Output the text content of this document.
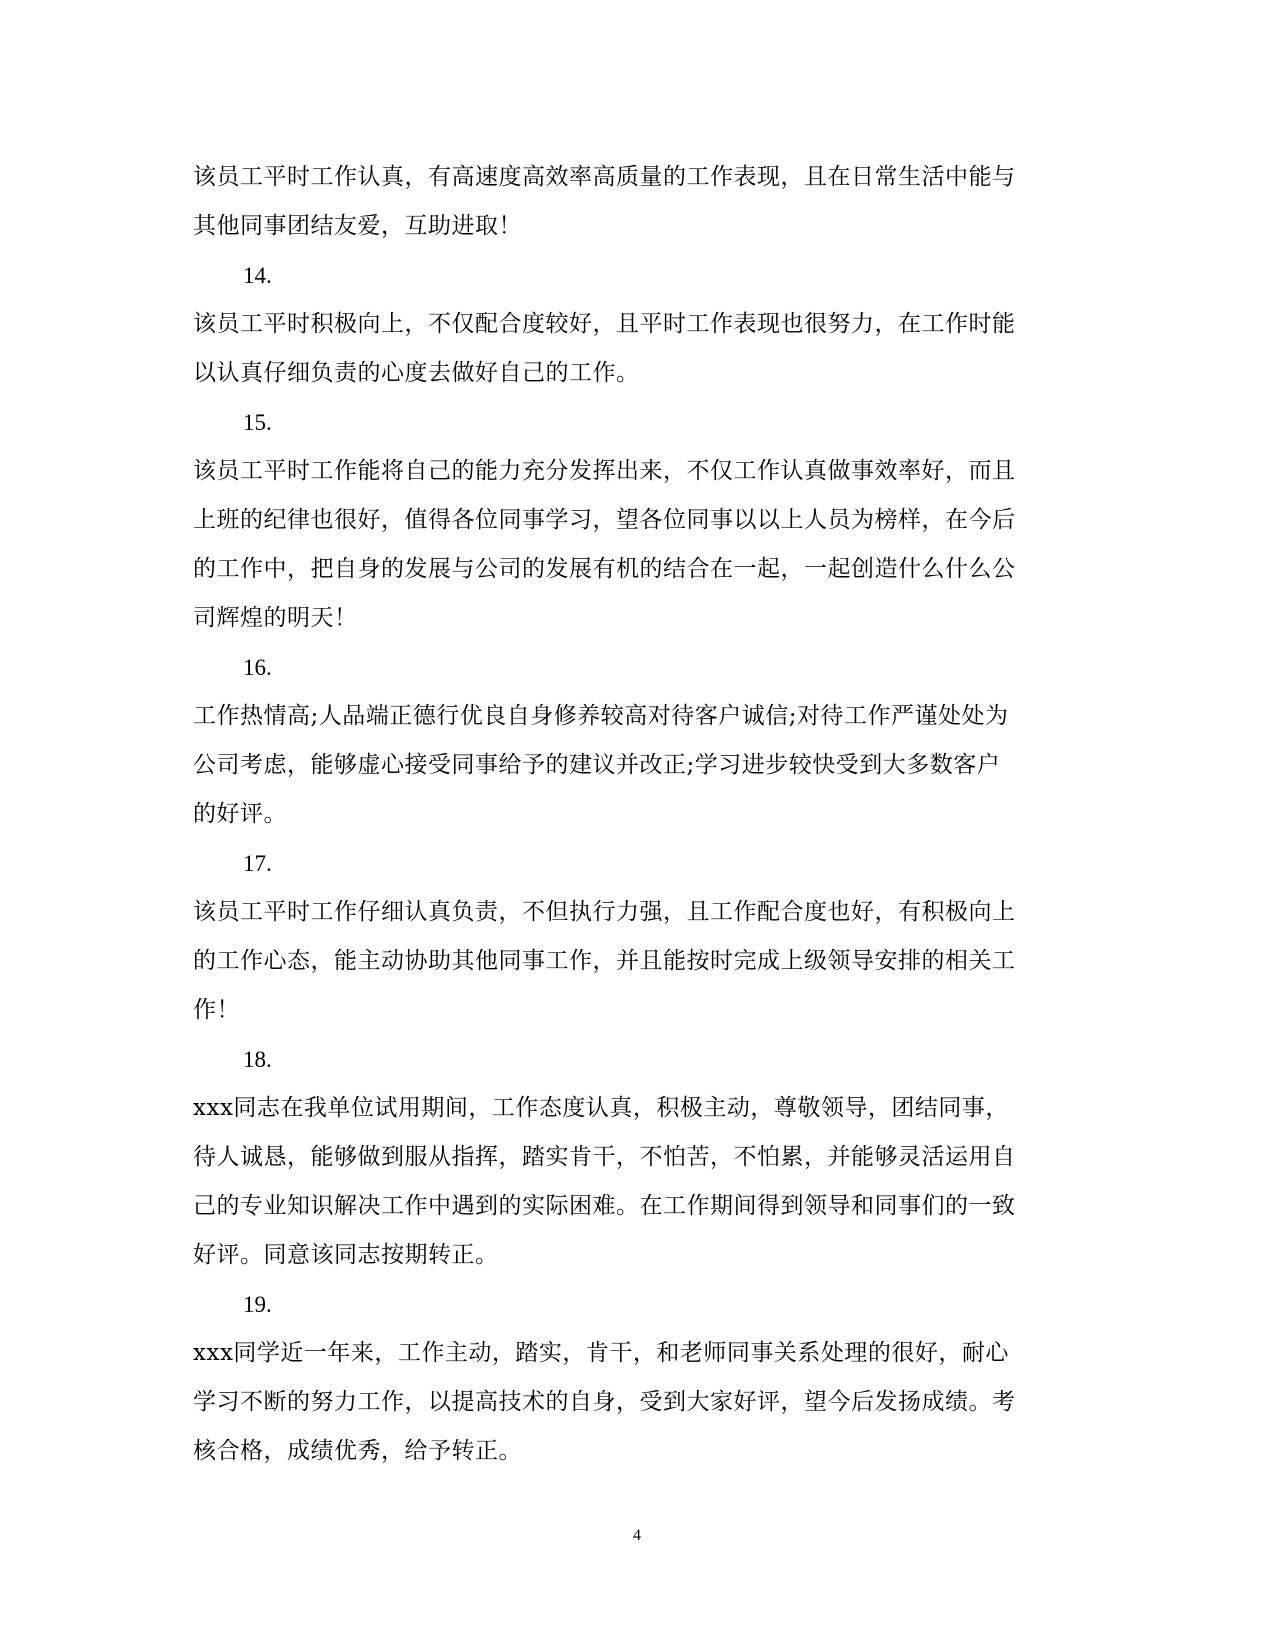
该员工平时工作认真，有高速度高效率高质量的工作表现，且在日常生活中能与
其他同事团结友爱，互助进取！

14.

该员工平时积极向上，不仅配合度较好，且平时工作表现也很努力，在工作时能
以认真仔细负责的心度去做好自己的工作。

15.

该员工平时工作能将自己的能力充分发挥出来，不仅工作认真做事效率好，而且
上班的纪律也很好，值得各位同事学习，望各位同事以以上人员为榜样，在今后
的工作中，把自身的发展与公司的发展有机的结合在一起，一起创造什么什么公
司辉煌的明天！

16.

工作热情高;人品端正德行优良自身修养较高对待客户诚信;对待工作严谨处处为
公司考虑，能够虚心接受同事给予的建议并改正;学习进步较快受到大多数客户
的好评。

17.

该员工平时工作仔细认真负责，不但执行力强，且工作配合度也好，有积极向上
的工作心态，能主动协助其他同事工作，并且能按时完成上级领导安排的相关工
作！

18.

xxx同志在我单位试用期间，工作态度认真，积极主动，尊敬领导，团结同事，
待人诚恳，能够做到服从指挥，踏实肯干，不怕苦，不怕累，并能够灵活运用自
己的专业知识解决工作中遇到的实际困难。在工作期间得到领导和同事们的一致
好评。同意该同志按期转正。

19.

xxx同学近一年来，工作主动，踏实，肯干，和老师同事关系处理的很好，耐心
学习不断的努力工作，以提高技术的自身，受到大家好评，望今后发扬成绩。考
核合格，成绩优秀，给予转正。

4
